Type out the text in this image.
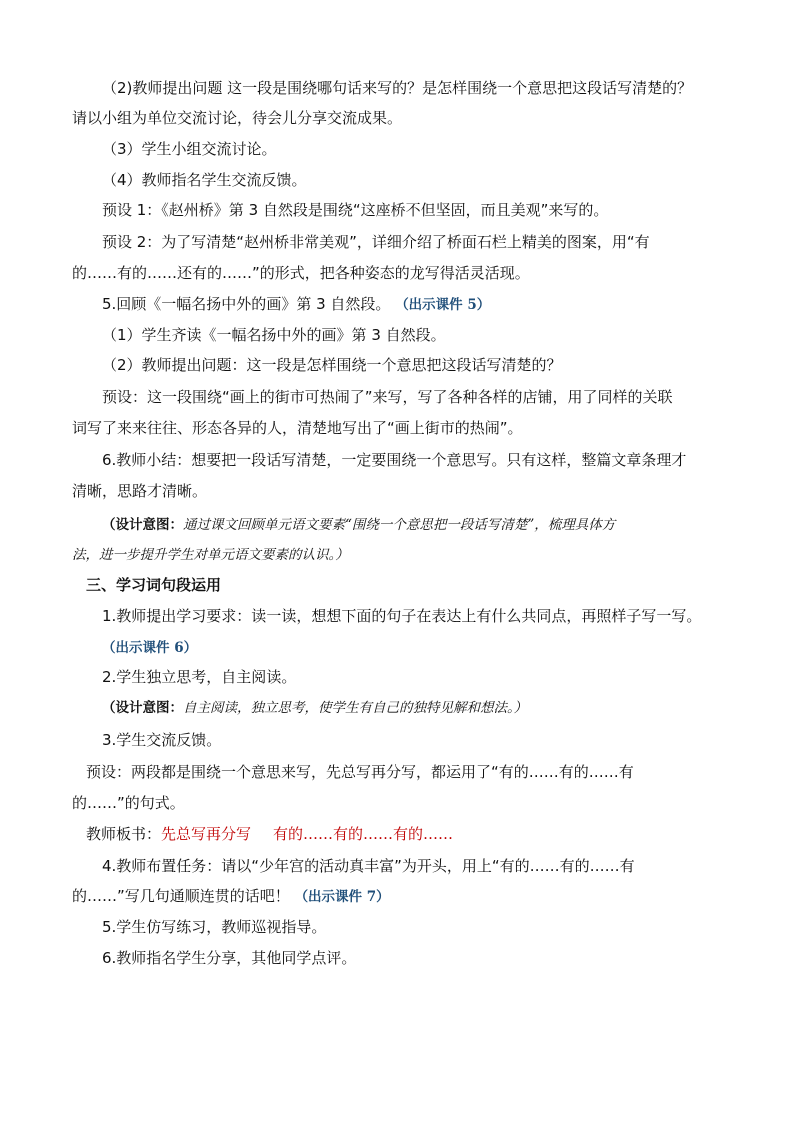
（2)教师提出问题 这一段是围绕哪句话来写的？是怎样围绕一个意思把这段话写清楚的？

请以小组为单位交流讨论，待会儿分享交流成果。

（3）学生小组交流讨论。

（4）教师指名学生交流反馈。

预设 1：《赵州桥》第 3 自然段是围绕“这座桥不但坚固，而且美观”来写的。

预设 2：为了写清楚“赵州桥非常美观”，详细介绍了桥面石栏上精美的图案，用“有

的……有的……还有的……”的形式，把各种姿态的龙写得活灵活现。

5.回顾《一幅名扬中外的画》第 3 自然段。 （出示课件 5）

（1）学生齐读《一幅名扬中外的画》第 3 自然段。

（2）教师提出问题：这一段是怎样围绕一个意思把这段话写清楚的？

预设：这一段围绕“画上的街市可热闹了”来写，写了各种各样的店铺，用了同样的关联

词写了来来往往、形态各异的人，清楚地写出了“画上街市的热闹”。

6.教师小结：想要把一段话写清楚，一定要围绕一个意思写。只有这样，整篇文章条理才

清晰，思路才清晰。

（设计意图：通过课文回顾单元语文要素“围绕一个意思把一段话写清楚”，梳理具体方

法，进一步提升学生对单元语文要素的认识。）

三、学习词句段运用

1.教师提出学习要求：读一读，想想下面的句子在表达上有什么共同点，再照样子写一写。

（出示课件 6）

2.学生独立思考，自主阅读。

（设计意图：自主阅读，独立思考，使学生有自己的独特见解和想法。）

3.学生交流反馈。

预设：两段都是围绕一个意思来写，先总写再分写，都运用了“有的……有的……有

的……”的句式。

教师板书：先总写再分写 有的……有的……有的……

4.教师布置任务：请以“少年宫的活动真丰富”为开头，用上“有的……有的……有

的……”写几句通顺连贯的话吧！ （出示课件 7）

5.学生仿写练习，教师巡视指导。

6.教师指名学生分享，其他同学点评。
